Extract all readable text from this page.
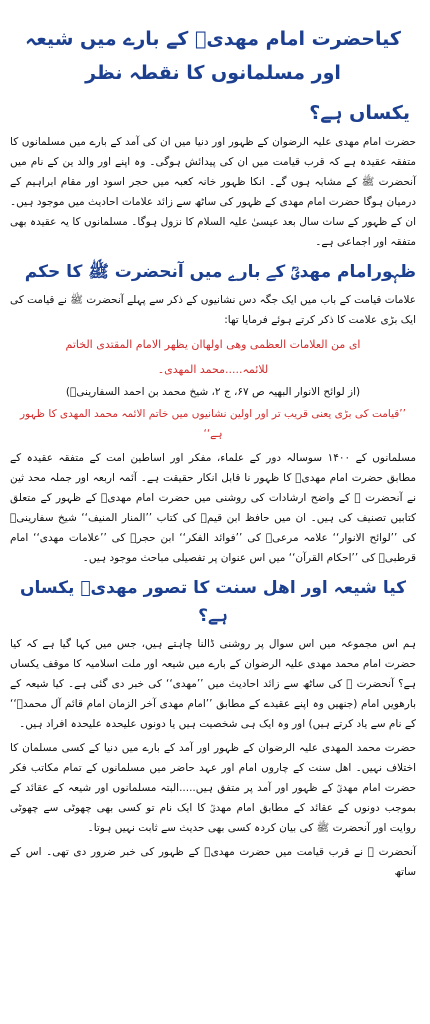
کیاحضرت امام مھدیؒ کے بارے میں شیعہ اور مسلمانوں کا نقطہ نظر
یکساں ہے؟

حضرت امام مھدی علیہ الرضوان کے ظہور اور دنیا میں ان کی آمد کے بارے میں مسلمانوں کا متفقہ عقیدہ ہے کہ قرب قیامت میں ان کی پیدائش ہوگی۔ وہ اپنے اور والد ین کے نام میں آنحضرت ﷺ کے مشابہ ہوں گے۔ انکا ظہور خانہ کعبہ میں حجر اسود اور مقام ابراہیم کے درمیان ہوگا حضرت امام مھدی کے ظہور کی ساٹھ سے زائد علامات احادیث میں موجود ہیں۔ ان کے ظہور کے سات سال بعد عیسیٰ علیہ السلام کا نزول ہوگا۔ مسلمانوں کا یہ عقیدہ بھی متفقہ اور اجماعی ہے۔

ظہورامام مھدیؒ کے بارے میں آنحضرت ﷺ کا حکم

علامات قیامت کے باب میں ایک جگہ دس نشانیوں کے ذکر سے پہلے آنحضرت ﷺ نے قیامت کی ایک بڑی علامت کا ذکر کرتے ہوئے فرمایا تھا:

ای من العلامات العظمی وھی اولھاان یظھر الامام المقتدی الخاتم
للائمہ.....محمد المھدی۔
(از لوائح الانوار البھیہ ص ۶۷، ج ۲، شیخ محمد بن احمد السفارینیؒ)
’’قیامت کی بڑی یعنی قریب تر اور اولین نشانیوں میں خاتم الائمہ محمد المھدی کا ظہور ہے‘‘

مسلمانوں کے ۱۴۰۰ سوسالہ دور کے علماء، مفکر اور اساطین امت کے متفقہ عقیدہ کے مطابق حضرت امام مھدیؒ کا ظہور نا قابل انکار حقیقت ہے۔ آئمہ اربعہ اور جملہ محد ثین نے آنحضرت ﷺ کے واضح ارشادات کی روشنی میں حضرت امام مھدیؒ کے ظہور کے متعلق کتابیں تصنیف کی ہیں۔ ان میں حافظ ابن قیمؒ کی کتاب ’’المنار المنیف‘‘ شیخ سفارینیؒ کی ’’لوائح الانوار‘‘ علامہ مرعیؒ کی ’’فوائد الفکر‘‘ ابن حجرؒ کی ’’علامات مھدی‘‘ امام قرطبیؒ کی ’’احکام القرآن‘‘ میں اس عنوان پر تفصیلی مباحث موجود ہیں۔

کیا شیعہ اور اھل سنت کا تصور مھدیؒ یکساں ہے؟

ہم اس مجموعہ میں اس سوال پر روشنی ڈالنا چاہتے ہیں، جس میں کہا گیا ہے کہ کیا حضرت امام محمد مھدی علیہ الرضوان کے بارے میں شیعہ اور ملت اسلامیہ کا موقف یکساں ہے؟ آنحضرت ﷺ کی ساٹھ سے زائد احادیث میں ’’مھدی‘‘ کی خبر دی گئی ہے۔ کیا شیعہ کے بارھویں امام (جنھیں وہ اپنے عقیدے کے مطابق ’’امام مھدی آخر الزمان امام قائم آل محمدؐ‘‘ کے نام سے یاد کرتے ہیں) اور وہ ایک ہی شخصیت ہیں یا دونوں علیحدہ علیحدہ افراد ہیں۔

حضرت محمد المھدی علیہ الرضوان کے ظہور اور آمد کے بارے میں دنیا کے کسی مسلمان کا اختلاف نہیں۔ اھل سنت کے چاروں امام اور عہد حاضر میں مسلمانوں کے تمام مکاتب فکر حضرت امام مھدیؒ کے ظہور اور آمد پر متفق ہیں.....البتہ مسلمانوں اور شیعہ کے عقائد کے بموجب دونوں کے عقائد کے مطابق امام مھدیؒ کا ایک نام تو کسی بھی چھوٹی سے چھوٹی روایت اور آنحضرت ﷺ کی بیان کردہ کسی بھی حدیث سے ثابت نہیں ہوتا۔

آنحضرت ﷺ نے قرب قیامت میں حضرت مھدیؒ کے ظہور کی خبر ضرور دی تھی۔ اس کے ساتھ
